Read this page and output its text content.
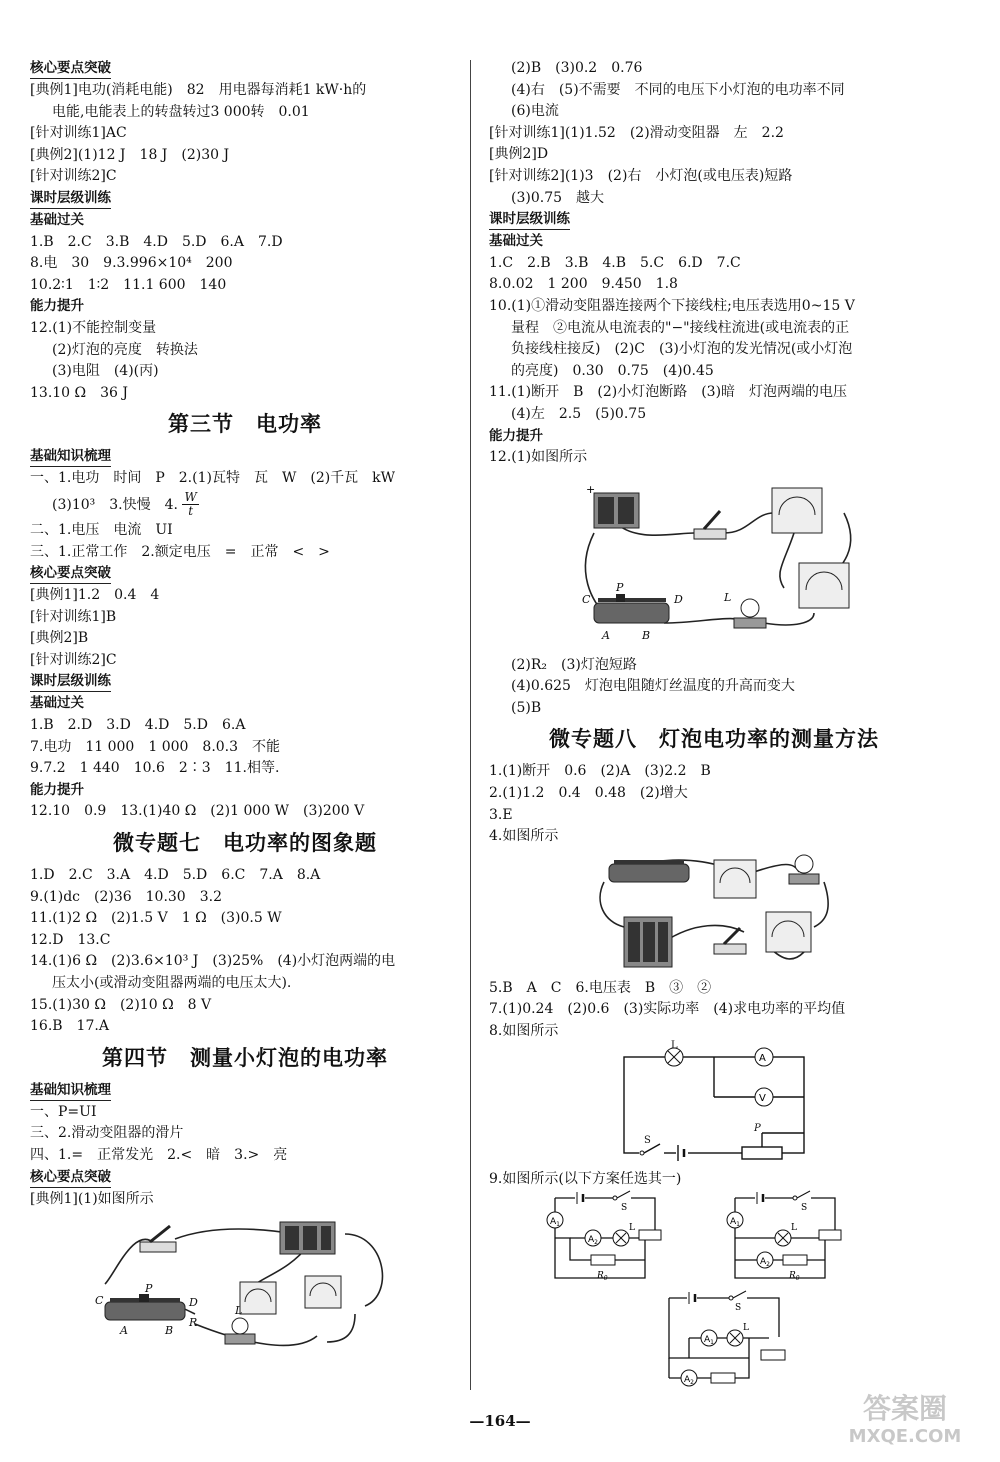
核心要点突破
[典例1]电功(消耗电能)　82　用电器每消耗1 kW·h的
电能,电能表上的转盘转过3 000转　0.01
[针对训练1]AC
[典例2](1)12 J　18 J　(2)30 J
[针对训练2]C
课时层级训练
基础过关
1.B　2.C　3.B　4.D　5.D　6.A　7.D
8.电　30　9.3.996×10⁴　200
10.2∶1　1∶2　11.1 600　140
能力提升
12.(1)不能控制变量
(2)灯泡的亮度　转换法
(3)电阻　(4)(丙)
13.10 Ω　36 J
第三节　电功率
基础知识梳理
一、1.电功　时间　P　2.(1)瓦特　瓦　W　(2)千瓦　kW
(3)10³　3.快慢　4. $\frac{W}{t}$
二、1.电压　电流　UI
三、1.正常工作　2.额定电压　=　正常　<　>
核心要点突破
[典例1]1.2　0.4　4
[针对训练1]B
[典例2]B
[针对训练2]C
课时层级训练
基础过关
1.B　2.D　3.D　4.D　5.D　6.A
7.电功　11 000　1 000　8.0.3　不能
9.7.2　1 440　10.6　2∶3　11.相等.
能力提升
12.10　0.9　13.(1)40 Ω　(2)1 000 W　(3)200 V
微专题七　电功率的图象题
1.D　2.C　3.A　4.D　5.D　6.C　7.A　8.A
9.(1)dc　(2)36　10.30　3.2
11.(1)2 Ω　(2)1.5 V　1 Ω　(3)0.5 W
12.D　13.C
14.(1)6 Ω　(2)3.6×10³ J　(3)25%　(4)小灯泡两端的电
压太小(或滑动变阻器两端的电压太大).
15.(1)30 Ω　(2)10 Ω　8 V
16.B　17.A
第四节　测量小灯泡的电功率
基础知识梳理
一、P=UI
三、2.滑动变阻器的滑片
四、1.=　正常发光　2.<　暗　3.>　亮
核心要点突破
[典例1](1)如图所示
C
P
D
A	B
R
L
(2)B　(3)0.2　0.76
(4)右　(5)不需要　不同的电压下小灯泡的电功率不同
(6)电流
[针对训练1](1)1.52　(2)滑动变阻器　左　2.2
[典例2]D
[针对训练2](1)3　(2)右　小灯泡(或电压表)短路
(3)0.75　越大
课时层级训练
基础过关
1.C　2.B　3.B　4.B　5.C　6.D　7.C
8.0.02　1 200　9.450　1.8
10.(1)①滑动变阻器连接两个下接线柱;电压表选用0~15 V
量程　②电流从电流表的"−"接线柱流进(或电流表的正
负接线柱接反)　(2)C　(3)小灯泡的发光情况(或小灯泡
的亮度)　0.30　0.75　(4)0.45
11.(1)断开　B　(2)小灯泡断路　(3)暗　灯泡两端的电压
(4)左　2.5　(5)0.75
能力提升
12.(1)如图所示
+
C
P
D
A	B
L
(2)R₂　(3)灯泡短路
(4)0.625　灯泡电阻随灯丝温度的升高而变大
(5)B
微专题八　灯泡电功率的测量方法
1.(1)断开　0.6　(2)A　(3)2.2　B
2.(1)1.2　0.4　0.48　(2)增大
3.E
4.如图所示
5.B　A　C　6.电压表　B　③　②
7.(1)0.24　(2)0.6　(3)实际功率　(4)求电功率的平均值
8.如图所示
A
V
L
S
P
9.如图所示(以下方案任选其一)
S
$A_1$
$A_2$
L
$R_0$
S
$A_1$	L
$A_2$
$R_0$
S
$A_1$
L
$A_2$
—164—	答案圈
MXQE.COM
